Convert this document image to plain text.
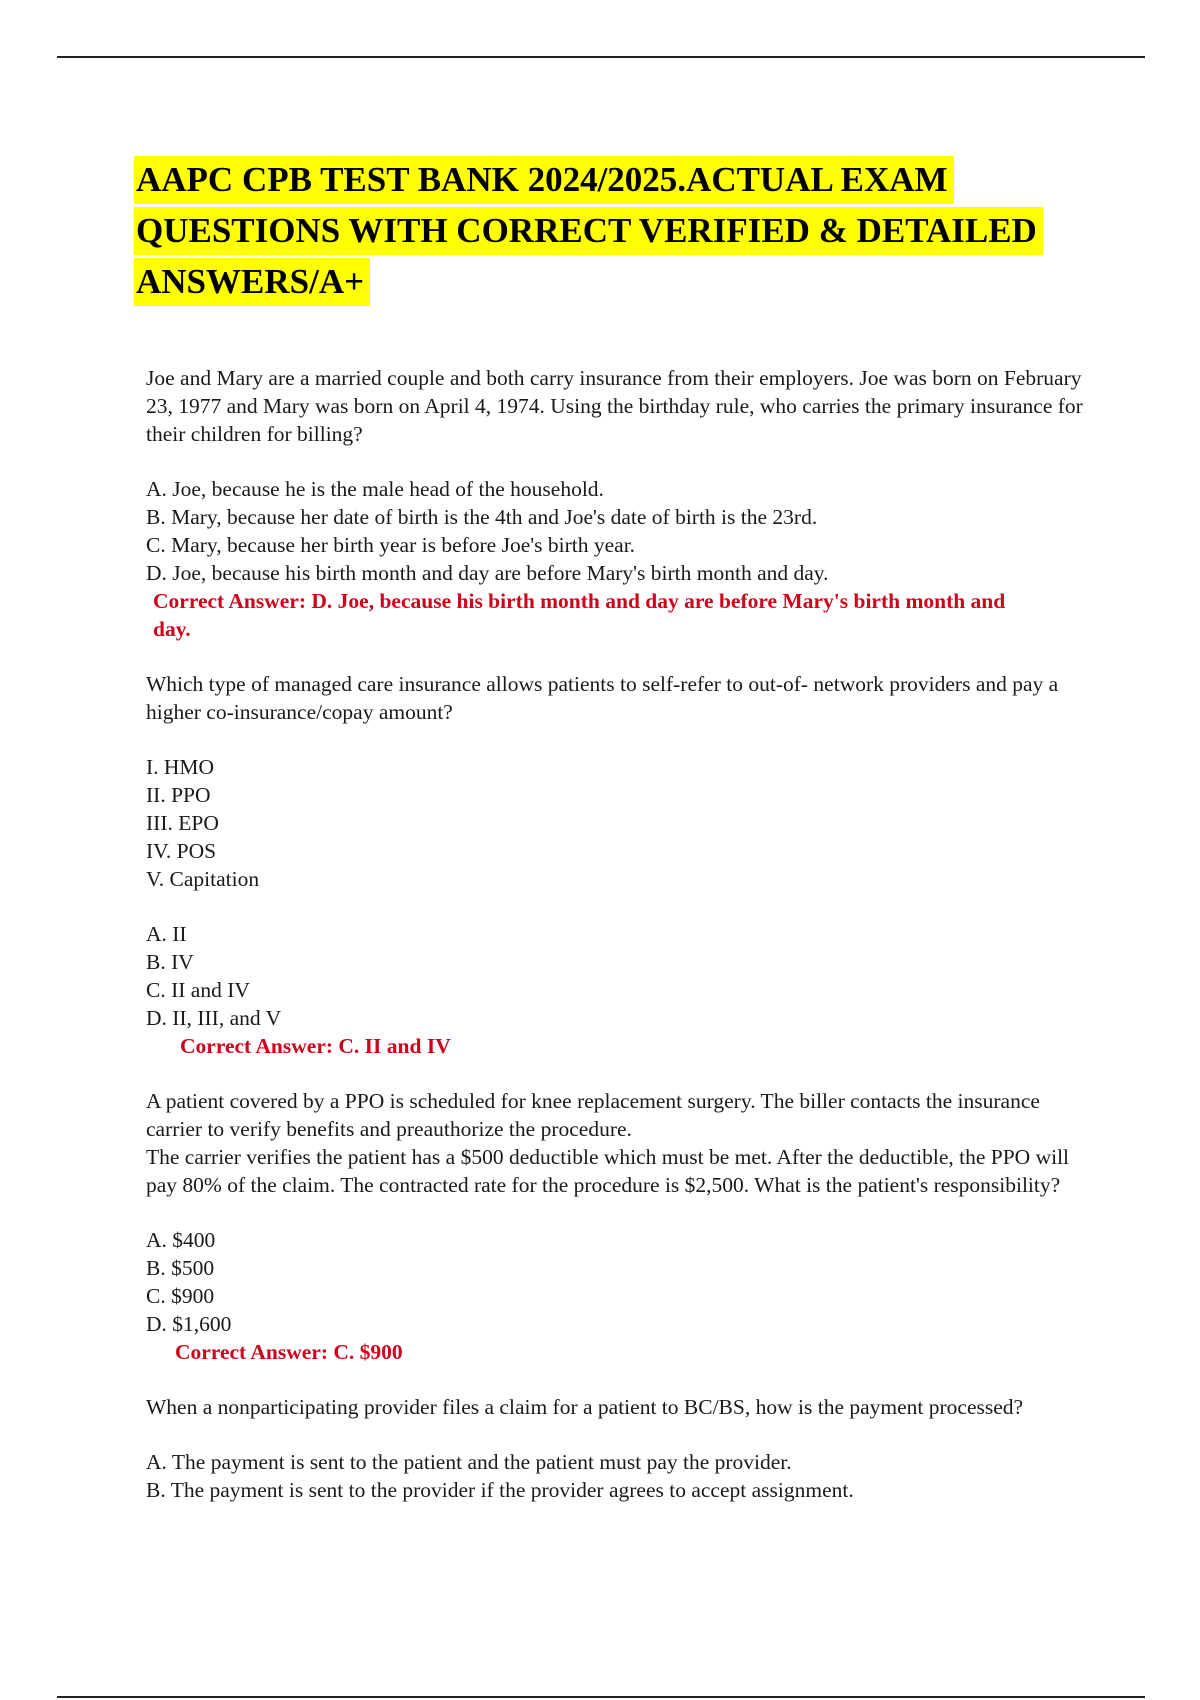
AAPC CPB TEST BANK 2024/2025.ACTUAL EXAM
QUESTIONS WITH CORRECT VERIFIED & DETAILED
ANSWERS/A+

Joe and Mary are a married couple and both carry insurance from their employers. Joe was born on February 23, 1977 and Mary was born on April 4, 1974. Using the birthday rule, who carries the primary insurance for their children for billing?

A. Joe, because he is the male head of the household.

B. Mary, because her date of birth is the 4th and Joe's date of birth is the 23rd.

C. Mary, because her birth year is before Joe's birth year.

D. Joe, because his birth month and day are before Mary's birth month and day.

Correct Answer: D. Joe, because his birth month and day are before Mary's birth month and day.

Which type of managed care insurance allows patients to self-refer to out-of- network providers and pay a higher co-insurance/copay amount?

I. HMO

II. PPO

III. EPO

IV. POS

V. Capitation

A. II

B. IV

C. II and IV

D. II, III, and V

Correct Answer: C. II and IV

A patient covered by a PPO is scheduled for knee replacement surgery. The biller contacts the insurance carrier to verify benefits and preauthorize the procedure.

The carrier verifies the patient has a $500 deductible which must be met. After the deductible, the PPO will pay 80% of the claim. The contracted rate for the procedure is $2,500. What is the patient's responsibility?

A. $400

B. $500

C. $900

D. $1,600

Correct Answer: C. $900

When a nonparticipating provider files a claim for a patient to BC/BS, how is the payment processed?

A. The payment is sent to the patient and the patient must pay the provider.

B. The payment is sent to the provider if the provider agrees to accept assignment.
